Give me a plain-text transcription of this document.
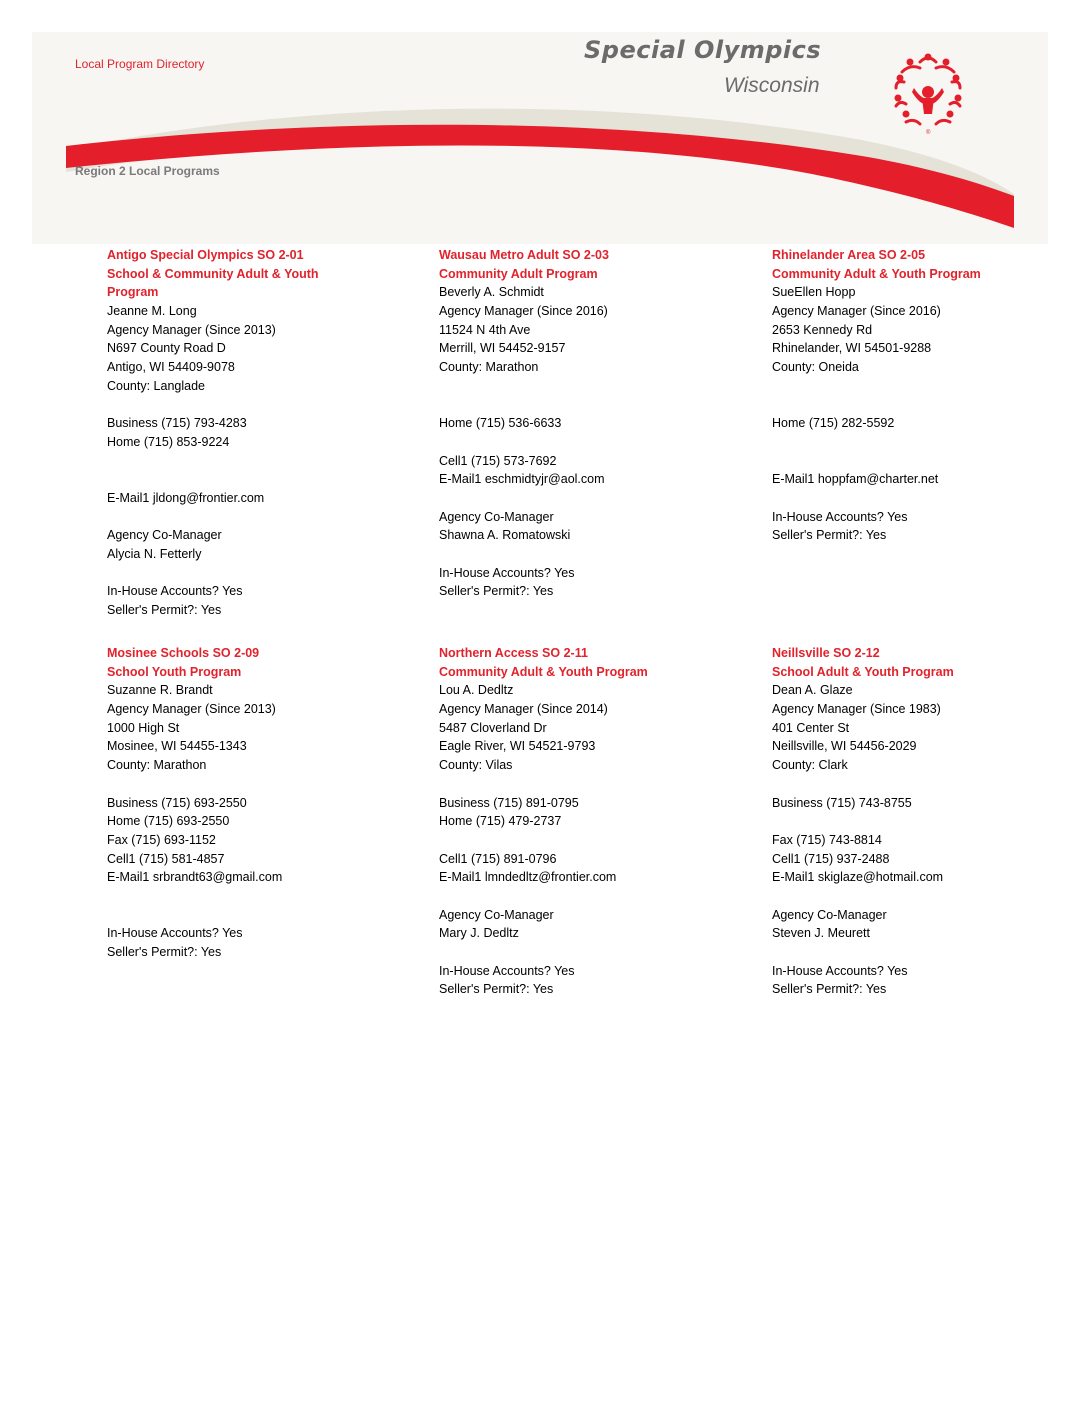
®
Local Program Directory	Special Olympics
Wisconsin
Region 2 Local Programs
Antigo Special Olympics SO 2-01
School & Community Adult & Youth
Program
Jeanne M. Long
Agency Manager (Since 2013)
N697 County Road D
Antigo, WI 54409-9078
County: Langlade
Business (715) 793-4283
Home (715) 853-9224
E-Mail1 jldong@frontier.com
Agency Co-Manager
Alycia N. Fetterly
In-House Accounts? Yes
Seller's Permit?: Yes
Wausau Metro Adult SO 2-03
Community Adult Program
Beverly A. Schmidt
Agency Manager (Since 2016)
11524 N 4th Ave
Merrill, WI 54452-9157
County: Marathon
Home (715) 536-6633
Cell1 (715) 573-7692
E-Mail1 eschmidtyjr@aol.com
Agency Co-Manager
Shawna A. Romatowski
In-House Accounts? Yes
Seller's Permit?: Yes
Rhinelander Area SO 2-05
Community Adult & Youth Program
SueEllen Hopp
Agency Manager (Since 2016)
2653 Kennedy Rd
Rhinelander, WI 54501-9288
County: Oneida
Home (715) 282-5592
E-Mail1 hoppfam@charter.net
In-House Accounts? Yes
Seller's Permit?: Yes
Mosinee Schools SO 2-09
School Youth Program
Suzanne R. Brandt
Agency Manager (Since 2013)
1000 High St
Mosinee, WI 54455-1343
County: Marathon
Business (715) 693-2550
Home (715) 693-2550
Fax (715) 693-1152
Cell1 (715) 581-4857
E-Mail1 srbrandt63@gmail.com
In-House Accounts? Yes
Seller's Permit?: Yes
Northern Access SO 2-11
Community Adult & Youth Program
Lou A. Dedltz
Agency Manager (Since 2014)
5487 Cloverland Dr
Eagle River, WI 54521-9793
County: Vilas
Business (715) 891-0795
Home (715) 479-2737
Cell1 (715) 891-0796
E-Mail1 lmndedltz@frontier.com
Agency Co-Manager
Mary J. Dedltz
In-House Accounts? Yes
Seller's Permit?: Yes
Neillsville SO 2-12
School Adult & Youth Program
Dean A. Glaze
Agency Manager (Since 1983)
401 Center St
Neillsville, WI 54456-2029
County: Clark
Business (715) 743-8755
Fax (715) 743-8814
Cell1 (715) 937-2488
E-Mail1 skiglaze@hotmail.com
Agency Co-Manager
Steven J. Meurett
In-House Accounts? Yes
Seller's Permit?: Yes
